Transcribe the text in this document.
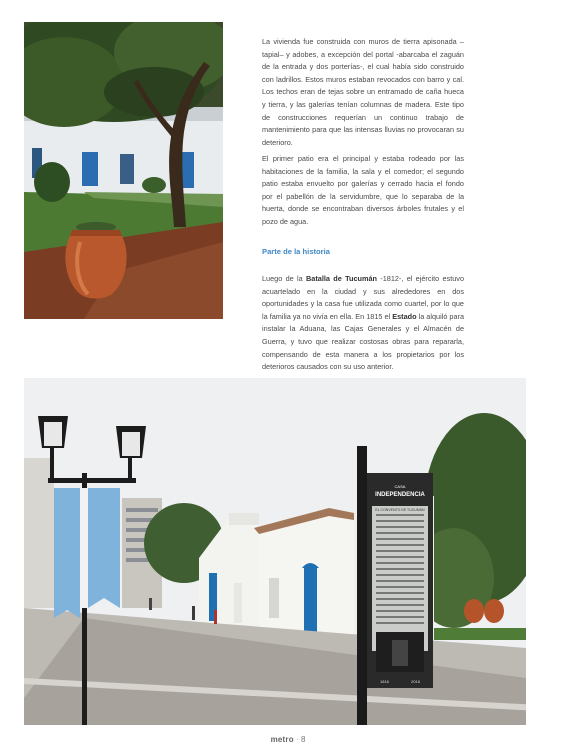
La vivienda fue construida con muros de tierra apisonada –tapial– y adobes, a excepción del portal -abarcaba el zaguán de la entrada y dos porterías-, el cual había sido construido con ladrillos. Estos muros estaban revocados con barro y cal. Los techos eran de tejas sobre un entramado de caña hueca y tierra, y las galerías tenían columnas de madera. Este tipo de construcciones requerían un continuo trabajo de mantenimiento para que las intensas lluvias no provocaran su deterioro.

El primer patio era el principal y estaba rodeado por las habitaciones de la familia, la sala y el comedor; el segundo patio estaba envuelto por galerías y cerrado hacia el fondo por el pabellón de la servidumbre, que lo separaba de la huerta, donde se encontraban diversos árboles frutales y el pozo de agua.

Parte de la historia

Luego de la Batalla de Tucumán -1812-, el ejército estuvo acuartelado en la ciudad y sus alrededores en dos oportunidades y la casa fue utilizada como cuartel, por lo que la familia ya no vivía en ella. En 1815 el Estado la alquiló para instalar la Aduana, las Cajas Generales y el Almacén de Guerra, y tuvo que realizar costosas obras para repararla, compensando de esta manera a los propietarios por los deterioros causados con su uso anterior.

CASA
INDEPENDENCIA
EL CONVENTO DE TUCUMÁN
1816	2016
metro · 8
